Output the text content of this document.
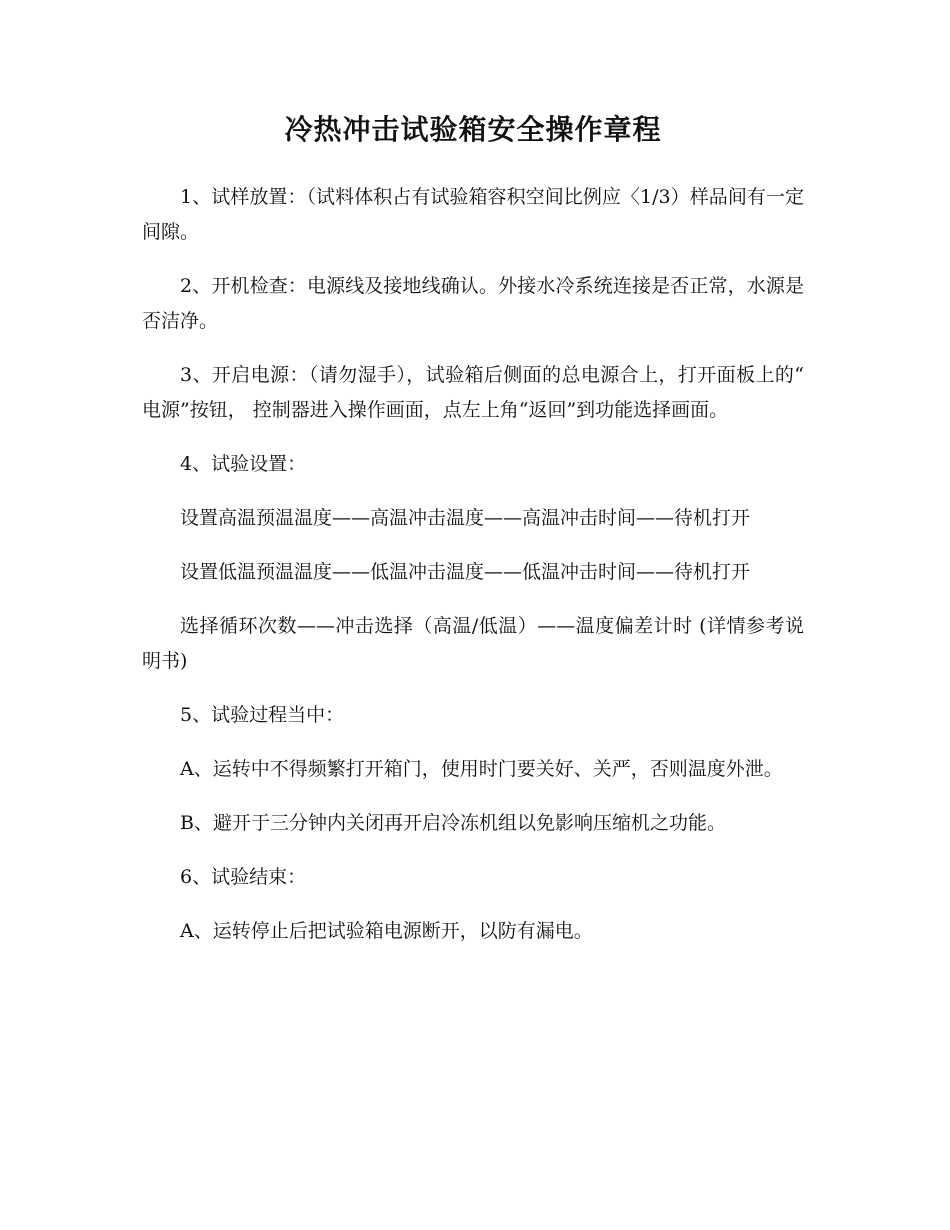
冷热冲击试验箱安全操作章程

1、试样放置：（试料体积占有试验箱容积空间比例应〈1/3）样品间有一定间隙。

2、开机检查：电源线及接地线确认。外接水冷系统连接是否正常，水源是否洁净。

3、开启电源：（请勿湿手），试验箱后侧面的总电源合上，打开面板上的“ 电源”按钮， 控制器进入操作画面，点左上角“返回”到功能选择画面。

4、试验设置：

设置高温预温温度——高温冲击温度——高温冲击时间——待机打开

设置低温预温温度——低温冲击温度——低温冲击时间——待机打开

选择循环次数——冲击选择（高温/低温）——温度偏差计时 (详情参考说明书)

5、试验过程当中：

A、运转中不得频繁打开箱门，使用时门要关好、关严，否则温度外泄。

B、避开于三分钟内关闭再开启冷冻机组以免影响压缩机之功能。

6、试验结束：

A、运转停止后把试验箱电源断开，以防有漏电。
